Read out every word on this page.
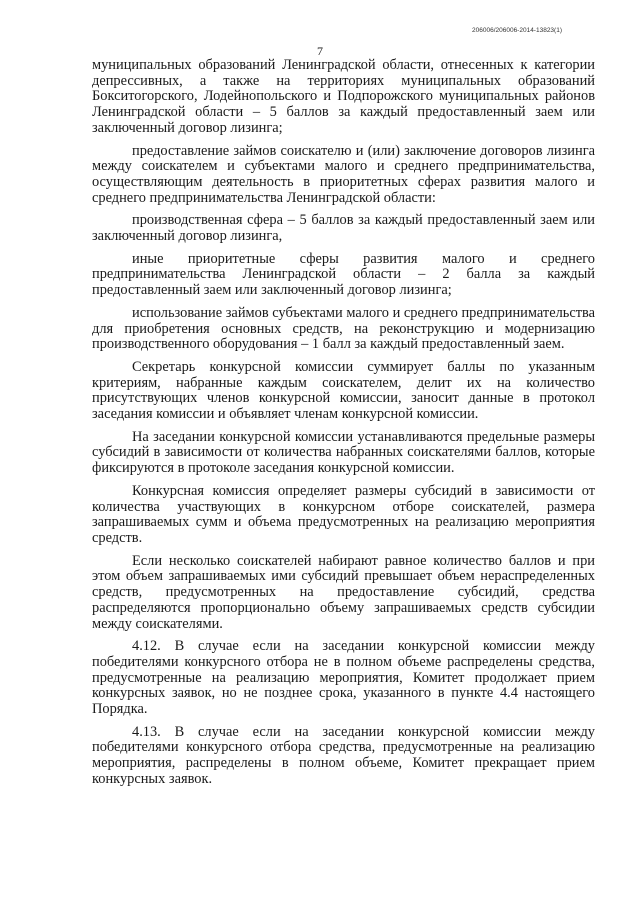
206006/206006-2014-13823(1)
7

муниципальных образований Ленинградской области, отнесенных к категории депрессивных, а также на территориях муниципальных образований Бокситогорского, Лодейнопольского и Подпорожского муниципальных районов Ленинградской области – 5 баллов за каждый предоставленный заем или заключенный договор лизинга;

предоставление займов соискателю и (или) заключение договоров лизинга между соискателем и субъектами малого и среднего предпринимательства, осуществляющим деятельность в приоритетных сферах развития малого и среднего предпринимательства Ленинградской области:

производственная сфера – 5 баллов за каждый предоставленный заем или заключенный договор лизинга,

иные приоритетные сферы развития малого и среднего предпринимательства Ленинградской области – 2 балла за каждый предоставленный заем или заключенный договор лизинга;

использование займов субъектами малого и среднего предпринимательства для приобретения основных средств, на реконструкцию и модернизацию производственного оборудования – 1 балл за каждый предоставленный заем.

Секретарь конкурсной комиссии суммирует баллы по указанным критериям, набранные каждым соискателем, делит их на количество присутствующих членов конкурсной комиссии, заносит данные в протокол заседания комиссии и объявляет членам конкурсной комиссии.

На заседании конкурсной комиссии устанавливаются предельные размеры субсидий в зависимости от количества набранных соискателями баллов, которые фиксируются в протоколе заседания конкурсной комиссии.

Конкурсная комиссия определяет размеры субсидий в зависимости от количества участвующих в конкурсном отборе соискателей, размера запрашиваемых сумм и объема предусмотренных на реализацию мероприятия средств.

Если несколько соискателей набирают равное количество баллов и при этом объем запрашиваемых ими субсидий превышает объем нераспределенных средств, предусмотренных на предоставление субсидий, средства распределяются пропорционально объему запрашиваемых средств субсидии между соискателями.

4.12. В случае если на заседании конкурсной комиссии между победителями конкурсного отбора не в полном объеме распределены средства, предусмотренные на реализацию мероприятия, Комитет продолжает прием конкурсных заявок, но не позднее срока, указанного в пункте 4.4 настоящего Порядка.

4.13. В случае если на заседании конкурсной комиссии между победителями конкурсного отбора средства, предусмотренные на реализацию мероприятия, распределены в полном объеме, Комитет прекращает прием конкурсных заявок.
